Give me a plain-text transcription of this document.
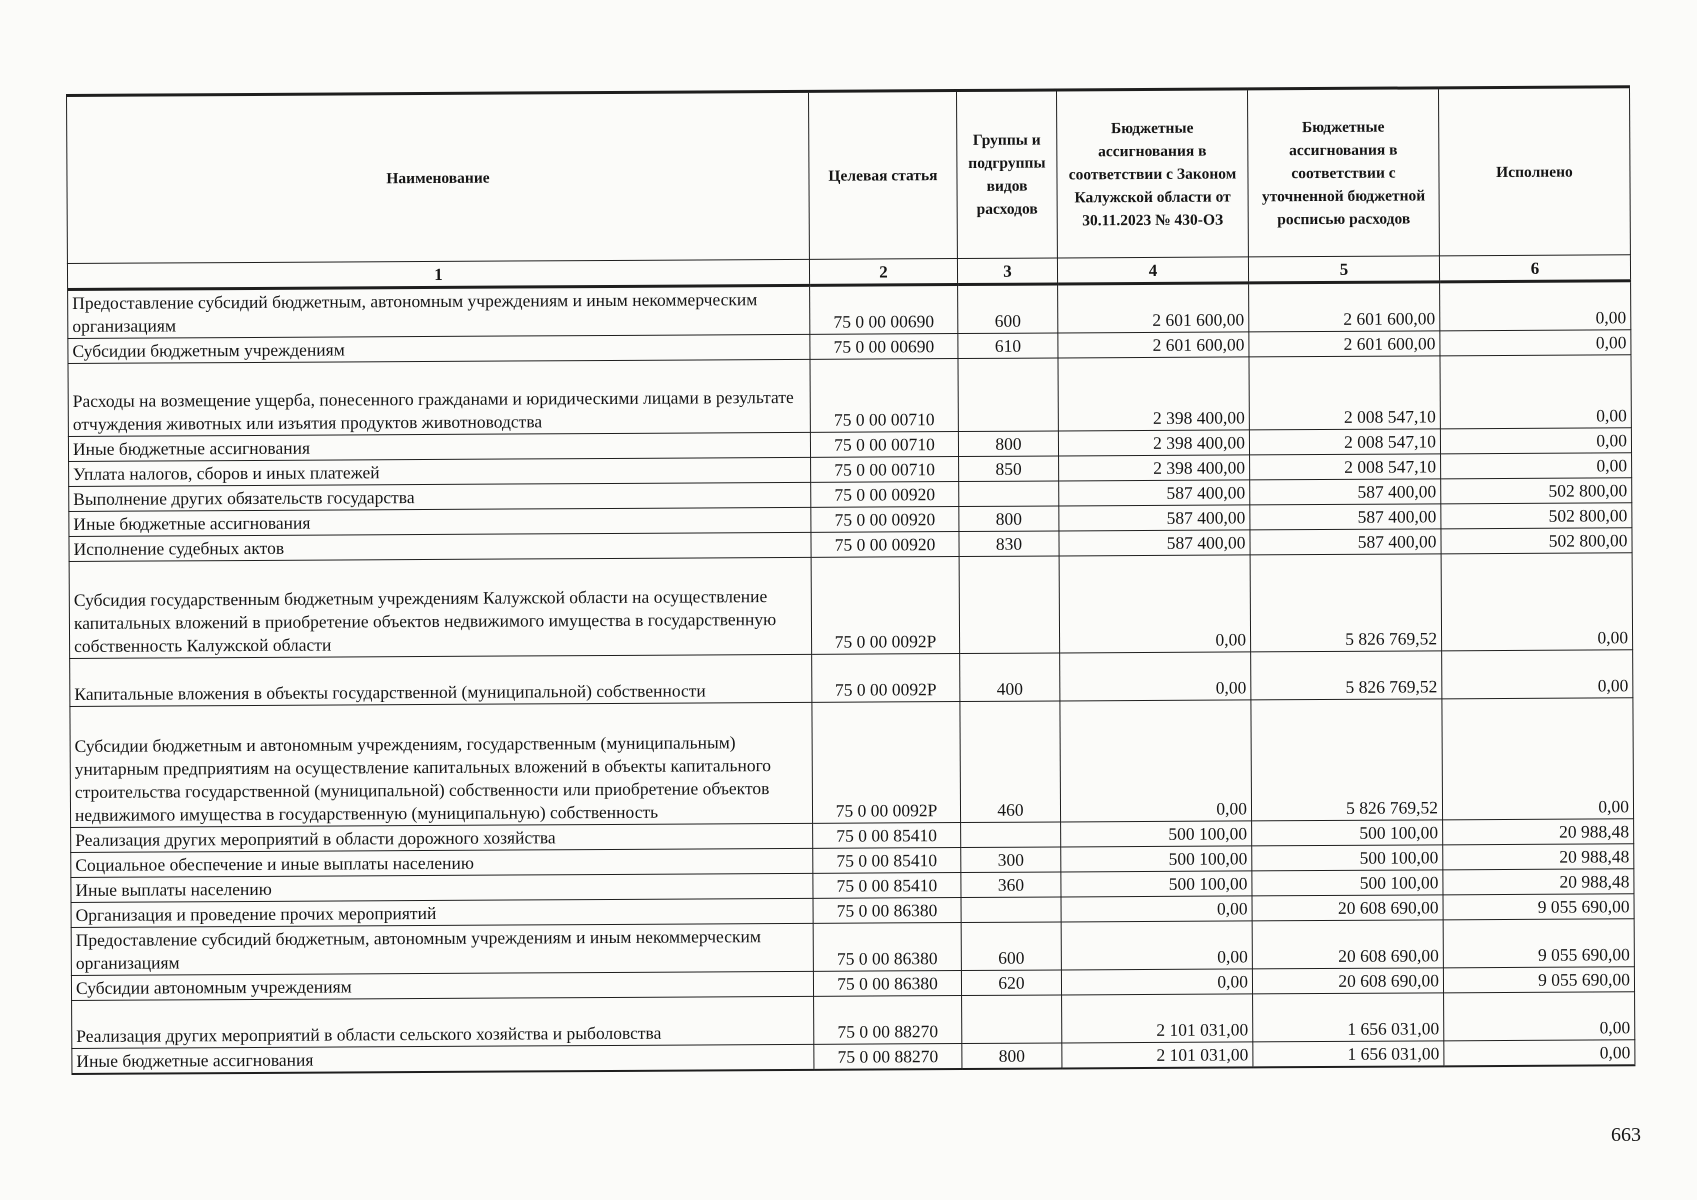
Наименование	Целевая статья	Группы и подгруппы видов расходов	Бюджетные ассигнования в соответствии с Законом Калужской области от 30.11.2023 № 430-ОЗ	Бюджетные ассигнования в соответствии с уточненной бюджетной росписью расходов	Исполнено
1	2	3	4	5	6
Предоставление субсидий бюджетным, автономным учреждениям и иным некоммерческим организациям	75 0 00 00690	600	2 601 600,00	2 601 600,00	0,00
Субсидии бюджетным учреждениям	75 0 00 00690	610	2 601 600,00	2 601 600,00	0,00
Расходы на возмещение ущерба, понесенного гражданами и юридическими лицами в результате отчуждения животных или изъятия продуктов животноводства	75 0 00 00710		2 398 400,00	2 008 547,10	0,00
Иные бюджетные ассигнования	75 0 00 00710	800	2 398 400,00	2 008 547,10	0,00
Уплата налогов, сборов и иных платежей	75 0 00 00710	850	2 398 400,00	2 008 547,10	0,00
Выполнение других обязательств государства	75 0 00 00920		587 400,00	587 400,00	502 800,00
Иные бюджетные ассигнования	75 0 00 00920	800	587 400,00	587 400,00	502 800,00
Исполнение судебных актов	75 0 00 00920	830	587 400,00	587 400,00	502 800,00
Субсидия государственным бюджетным учреждениям Калужской области на осуществление капитальных вложений в приобретение объектов недвижимого имущества в государственную собственность Калужской области	75 0 00 0092Р		0,00	5 826 769,52	0,00
Капитальные вложения в объекты государственной (муниципальной) собственности	75 0 00 0092Р	400	0,00	5 826 769,52	0,00
Субсидии бюджетным и автономным учреждениям, государственным (муниципальным) унитарным предприятиям на осуществление капитальных вложений в объекты капитального строительства государственной (муниципальной) собственности или приобретение объектов недвижимого имущества в государственную (муниципальную) собственность	75 0 00 0092Р	460	0,00	5 826 769,52	0,00
Реализация других мероприятий в области дорожного хозяйства	75 0 00 85410		500 100,00	500 100,00	20 988,48
Социальное обеспечение и иные выплаты населению	75 0 00 85410	300	500 100,00	500 100,00	20 988,48
Иные выплаты населению	75 0 00 85410	360	500 100,00	500 100,00	20 988,48
Организация и проведение прочих мероприятий	75 0 00 86380		0,00	20 608 690,00	9 055 690,00
Предоставление субсидий бюджетным, автономным учреждениям и иным некоммерческим организациям	75 0 00 86380	600	0,00	20 608 690,00	9 055 690,00
Субсидии автономным учреждениям	75 0 00 86380	620	0,00	20 608 690,00	9 055 690,00
Реализация других мероприятий в области сельского хозяйства и рыболовства	75 0 00 88270		2 101 031,00	1 656 031,00	0,00
Иные бюджетные ассигнования	75 0 00 88270	800	2 101 031,00	1 656 031,00	0,00
663
